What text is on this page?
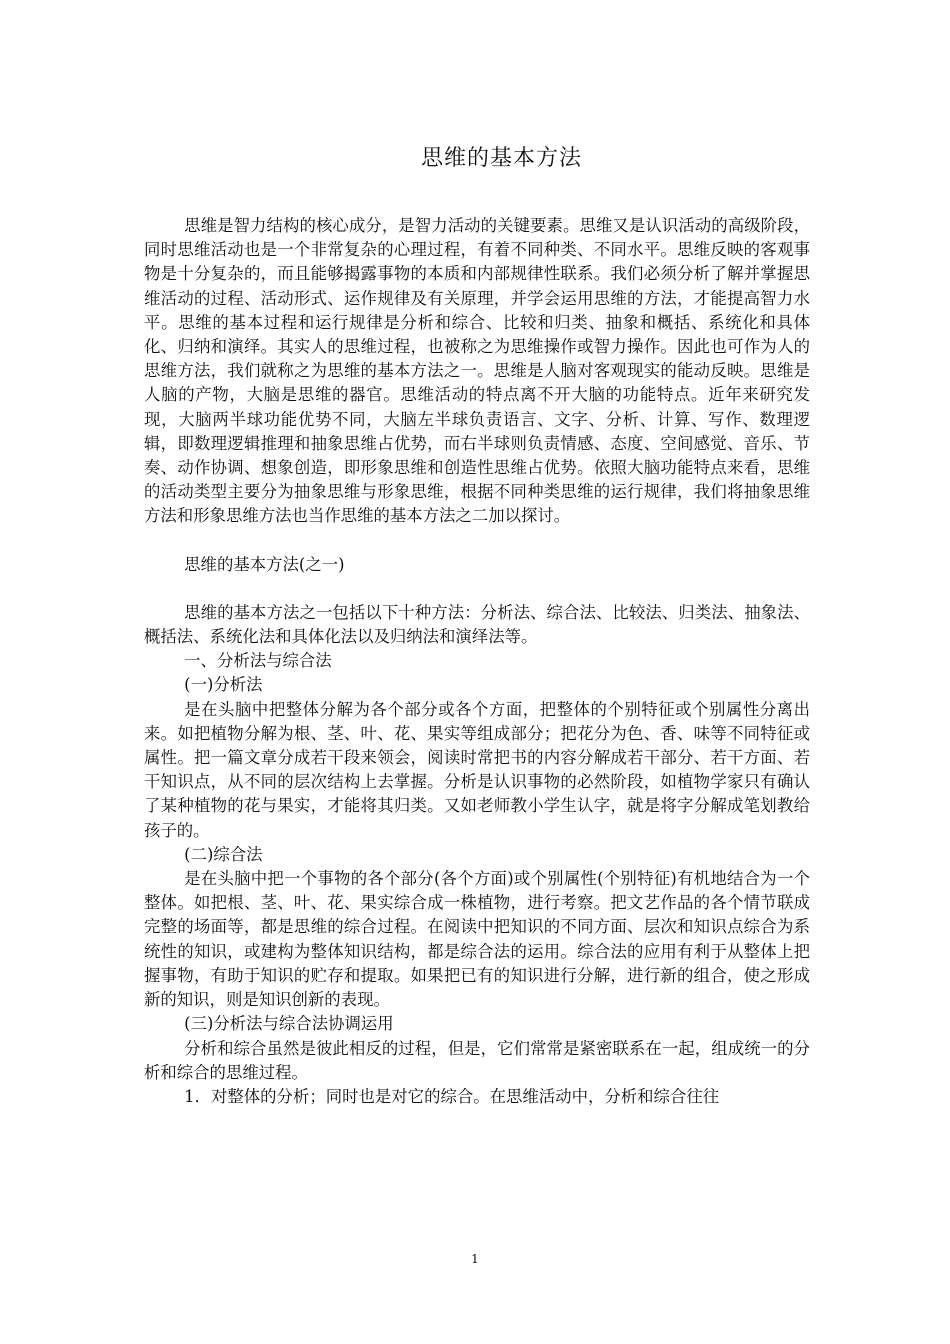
思维的基本方法

思维是智力结构的核心成分，是智力活动的关键要素。思维又是认识活动的高级阶段，同时思维活动也是一个非常复杂的心理过程，有着不同种类、不同水平。思维反映的客观事物是十分复杂的，而且能够揭露事物的本质和内部规律性联系。我们必须分析了解并掌握思维活动的过程、活动形式、运作规律及有关原理，并学会运用思维的方法，才能提高智力水平。思维的基本过程和运行规律是分析和综合、比较和归类、抽象和概括、系统化和具体化、归纳和演绎。其实人的思维过程，也被称之为思维操作或智力操作。因此也可作为人的思维方法，我们就称之为思维的基本方法之一。思维是人脑对客观现实的能动反映。思维是人脑的产物，大脑是思维的器官。思维活动的特点离不开大脑的功能特点。近年来研究发现，大脑两半球功能优势不同，大脑左半球负责语言、文字、分析、计算、写作、数理逻辑，即数理逻辑推理和抽象思维占优势，而右半球则负责情感、态度、空间感觉、音乐、节奏、动作协调、想象创造，即形象思维和创造性思维占优势。依照大脑功能特点来看，思维的活动类型主要分为抽象思维与形象思维，根据不同种类思维的运行规律，我们将抽象思维方法和形象思维方法也当作思维的基本方法之二加以探讨。

思维的基本方法(之一)

思维的基本方法之一包括以下十种方法：分析法、综合法、比较法、归类法、抽象法、概括法、系统化法和具体化法以及归纳法和演绎法等。

一、分析法与综合法

(一)分析法

是在头脑中把整体分解为各个部分或各个方面，把整体的个别特征或个别属性分离出来。如把植物分解为根、茎、叶、花、果实等组成部分；把花分为色、香、味等不同特征或属性。把一篇文章分成若干段来领会，阅读时常把书的内容分解成若干部分、若干方面、若干知识点，从不同的层次结构上去掌握。分析是认识事物的必然阶段，如植物学家只有确认了某种植物的花与果实，才能将其归类。又如老师教小学生认字，就是将字分解成笔划教给孩子的。

(二)综合法

是在头脑中把一个事物的各个部分(各个方面)或个别属性(个别特征)有机地结合为一个整体。如把根、茎、叶、花、果实综合成一株植物，进行考察。把文艺作品的各个情节联成完整的场面等，都是思维的综合过程。在阅读中把知识的不同方面、层次和知识点综合为系统性的知识，或建构为整体知识结构，都是综合法的运用。综合法的应用有利于从整体上把握事物，有助于知识的贮存和提取。如果把已有的知识进行分解，进行新的组合，使之形成新的知识，则是知识创新的表现。

(三)分析法与综合法协调运用

分析和综合虽然是彼此相反的过程，但是，它们常常是紧密联系在一起，组成统一的分析和综合的思维过程。

1．对整体的分析；同时也是对它的综合。在思维活动中，分析和综合往往

1
